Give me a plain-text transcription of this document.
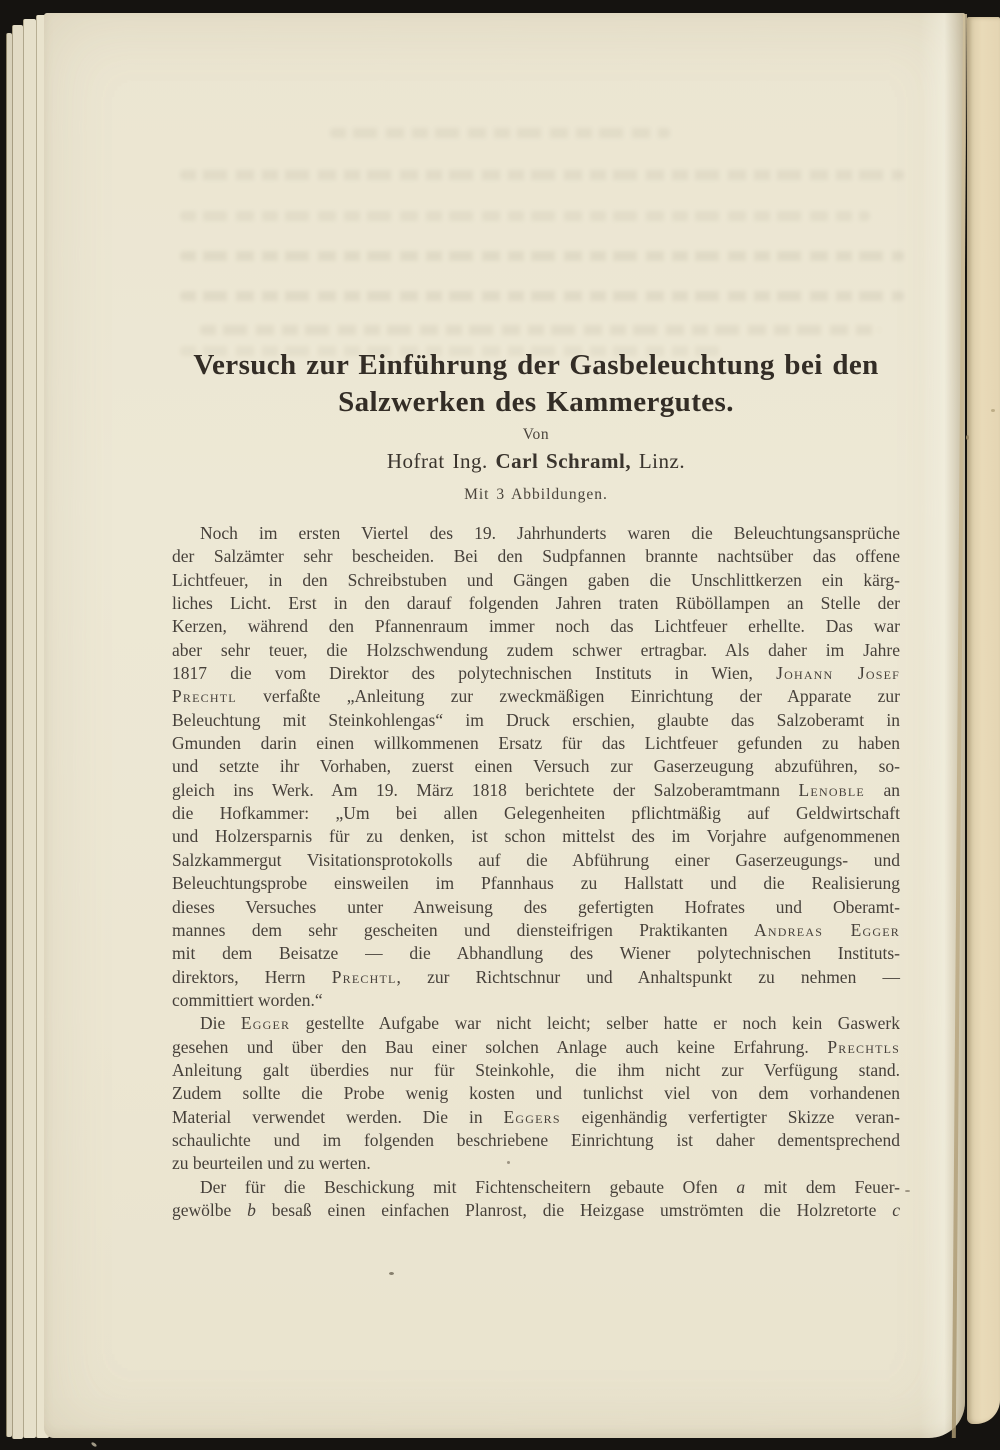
Versuch zur Einführung der Gasbeleuchtung bei den
Salzwerken des Kammergutes.
Von
Hofrat Ing. Carl Schraml, Linz.
Mit 3 Abbildungen.
Noch im ersten Viertel des 19. Jahrhunderts waren die Beleuchtungsansprüche
der Salzämter sehr bescheiden. Bei den Sudpfannen brannte nachtsüber das offene
Lichtfeuer, in den Schreibstuben und Gängen gaben die Unschlittkerzen ein kärg-
liches Licht. Erst in den darauf folgenden Jahren traten Rüböllampen an Stelle der
Kerzen, während den Pfannenraum immer noch das Lichtfeuer erhellte. Das war
aber sehr teuer, die Holzschwendung zudem schwer ertragbar. Als daher im Jahre
1817 die vom Direktor des polytechnischen Instituts in Wien, Johann Josef
Prechtl verfaßte „Anleitung zur zweckmäßigen Einrichtung der Apparate zur
Beleuchtung mit Steinkohlengas“ im Druck erschien, glaubte das Salzoberamt in
Gmunden darin einen willkommenen Ersatz für das Lichtfeuer gefunden zu haben
und setzte ihr Vorhaben, zuerst einen Versuch zur Gaserzeugung abzuführen, so-
gleich ins Werk. Am 19. März 1818 berichtete der Salzoberamtmann Lenoble an
die Hofkammer: „Um bei allen Gelegenheiten pflichtmäßig auf Geldwirtschaft
und Holzersparnis für zu denken, ist schon mittelst des im Vorjahre aufgenommenen
Salzkammergut Visitationsprotokolls auf die Abführung einer Gaserzeugungs- und
Beleuchtungsprobe einsweilen im Pfannhaus zu Hallstatt und die Realisierung
dieses Versuches unter Anweisung des gefertigten Hofrates und Oberamt-
mannes dem sehr gescheiten und diensteifrigen Praktikanten Andreas Egger
mit dem Beisatze — die Abhandlung des Wiener polytechnischen Instituts-
direktors, Herrn Prechtl, zur Richtschnur und Anhaltspunkt zu nehmen —
committiert worden.“
Die Egger gestellte Aufgabe war nicht leicht; selber hatte er noch kein Gaswerk
gesehen und über den Bau einer solchen Anlage auch keine Erfahrung. Prechtls
Anleitung galt überdies nur für Steinkohle, die ihm nicht zur Verfügung stand.
Zudem sollte die Probe wenig kosten und tunlichst viel von dem vorhandenen
Material verwendet werden. Die in Eggers eigenhändig verfertigter Skizze veran-
schaulichte und im folgenden beschriebene Einrichtung ist daher dementsprechend
zu beurteilen und zu werten.
Der für die Beschickung mit Fichtenscheitern gebaute Ofen a mit dem Feuer-
gewölbe b besaß einen einfachen Planrost, die Heizgase umströmten die Holzretorte c
